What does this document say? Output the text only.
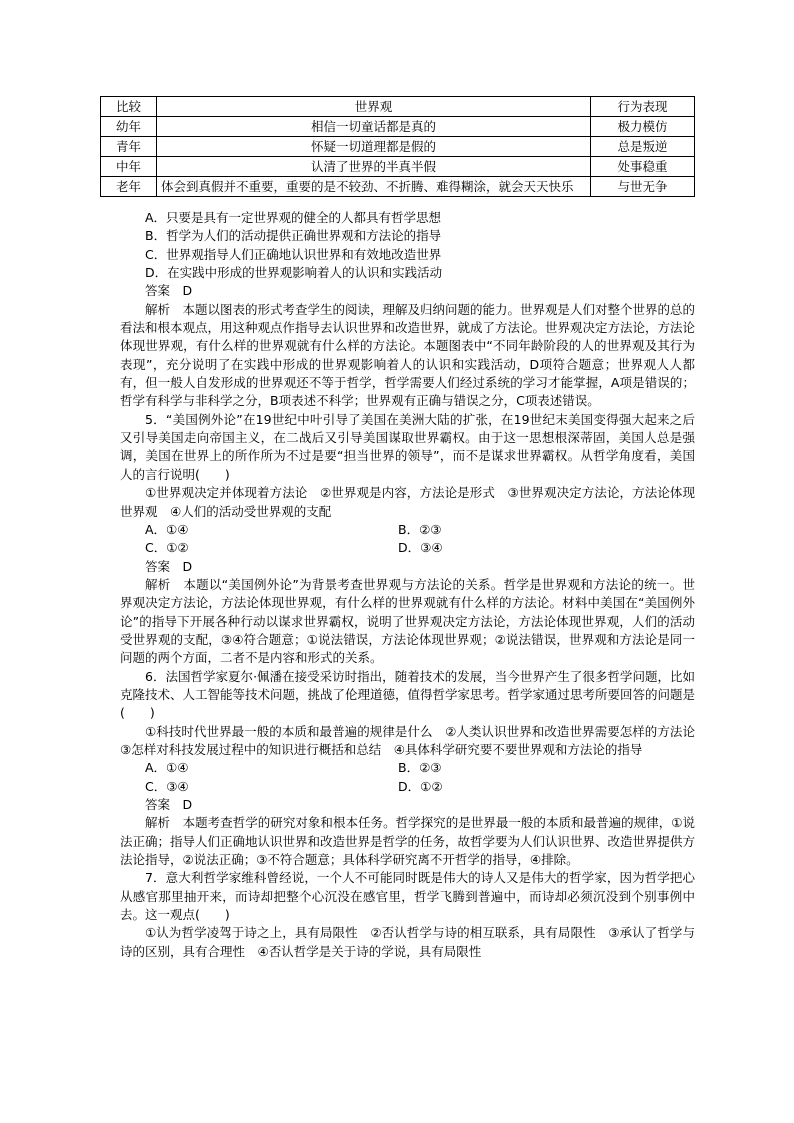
比较	世界观	行为表现
幼年	相信一切童话都是真的	极力模仿
青年	怀疑一切道理都是假的	总是叛逆
中年	认清了世界的半真半假	处事稳重
老年	体会到真假并不重要，重要的是不较劲、不折腾、难得糊涂，就会天天快乐	与世无争

A．只要是具有一定世界观的健全的人都具有哲学思想

B．哲学为人们的活动提供正确世界观和方法论的指导

C．世界观指导人们正确地认识世界和有效地改造世界

D．在实践中形成的世界观影响着人的认识和实践活动

答案　D

解析　本题以图表的形式考查学生的阅读，理解及归纳问题的能力。世界观是人们对整个世界的总的看法和根本观点，用这种观点作指导去认识世界和改造世界，就成了方法论。世界观决定方法论，方法论体现世界观，有什么样的世界观就有什么样的方法论。本题图表中“不同年龄阶段的人的世界观及其行为表现”，充分说明了在实践中形成的世界观影响着人的认识和实践活动，D项符合题意；世界观人人都有，但一般人自发形成的世界观还不等于哲学，哲学需要人们经过系统的学习才能掌握，A项是错误的；哲学有科学与非科学之分，B项表述不科学；世界观有正确与错误之分，C项表述错误。

5．“美国例外论”在19世纪中叶引导了美国在美洲大陆的扩张，在19世纪末美国变得强大起来之后又引导美国走向帝国主义，在二战后又引导美国谋取世界霸权。由于这一思想根深蒂固，美国人总是强调，美国在世界上的所作所为不过是要“担当世界的领导”，而不是谋求世界霸权。从哲学角度看，美国人的言行说明(　　)

①世界观决定并体现着方法论　②世界观是内容，方法论是形式　③世界观决定方法论，方法论体现世界观　④人们的活动受世界观的支配

A．①④	B．②③
C．①②	D．③④

答案　D

解析　本题以“美国例外论”为背景考查世界观与方法论的关系。哲学是世界观和方法论的统一。世界观决定方法论，方法论体现世界观，有什么样的世界观就有什么样的方法论。材料中美国在“美国例外论”的指导下开展各种行动以谋求世界霸权，说明了世界观决定方法论，方法论体现世界观，人们的活动受世界观的支配，③④符合题意；①说法错误，方法论体现世界观；②说法错误，世界观和方法论是同一问题的两个方面，二者不是内容和形式的关系。

6．法国哲学家夏尔·佩潘在接受采访时指出，随着技术的发展，当今世界产生了很多哲学问题，比如克隆技术、人工智能等技术问题，挑战了伦理道德，值得哲学家思考。哲学家通过思考所要回答的问题是(　　)

①科技时代世界最一般的本质和最普遍的规律是什么　②人类认识世界和改造世界需要怎样的方法论　③怎样对科技发展过程中的知识进行概括和总结　④具体科学研究要不要世界观和方法论的指导

A．①④	B．②③
C．③④	D．①②

答案　D

解析　本题考查哲学的研究对象和根本任务。哲学探究的是世界最一般的本质和最普遍的规律，①说法正确；指导人们正确地认识世界和改造世界是哲学的任务，故哲学要为人们认识世界、改造世界提供方法论指导，②说法正确；③不符合题意；具体科学研究离不开哲学的指导，④排除。

7．意大利哲学家维科曾经说，一个人不可能同时既是伟大的诗人又是伟大的哲学家，因为哲学把心从感官那里抽开来，而诗却把整个心沉没在感官里，哲学飞腾到普遍中，而诗却必须沉没到个别事例中去。这一观点(　　)

①认为哲学凌驾于诗之上，具有局限性　②否认哲学与诗的相互联系，具有局限性　③承认了哲学与诗的区别，具有合理性　④否认哲学是关于诗的学说，具有局限性
